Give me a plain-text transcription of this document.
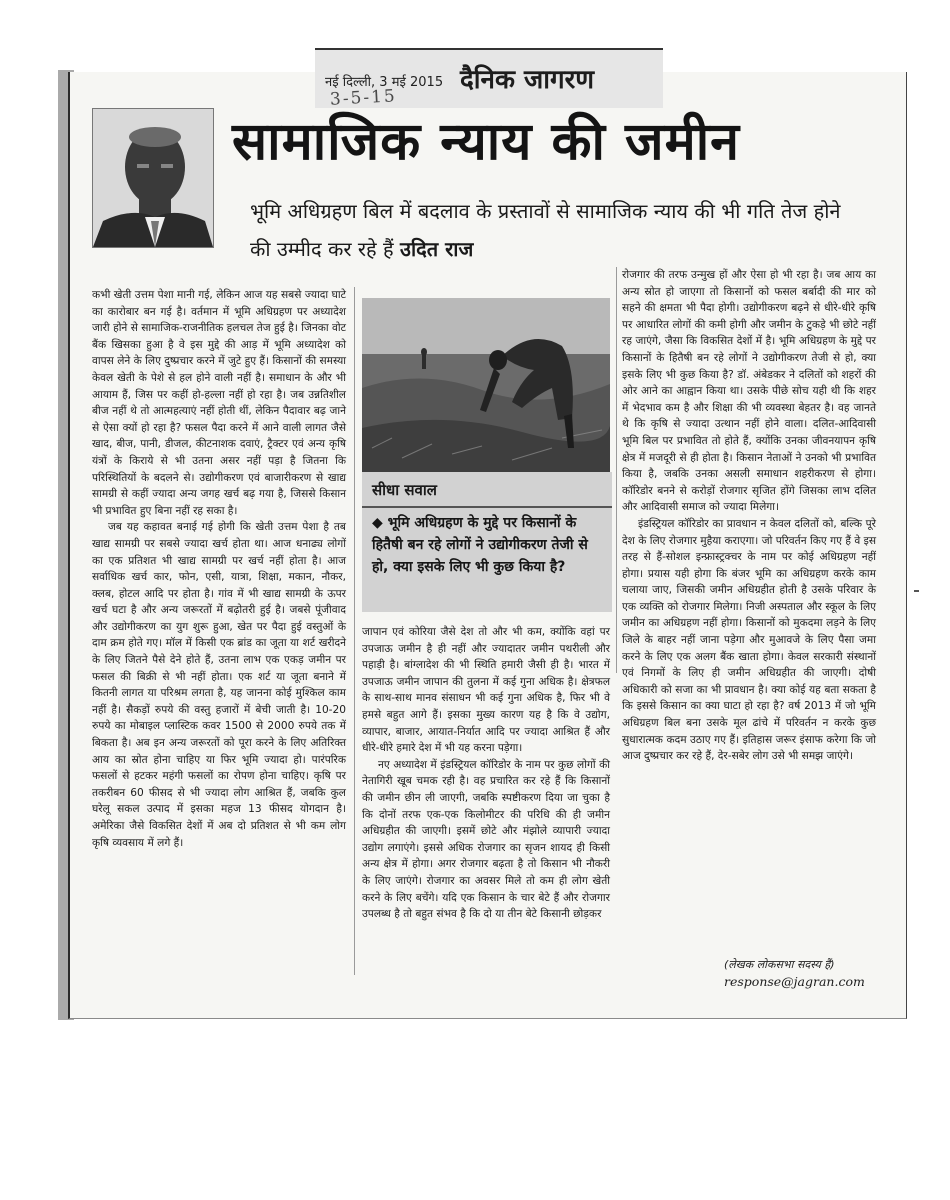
नई दिल्ली, 3 मई 2015 दैनिक जागरण
3-5-15
सामाजिक न्याय की जमीन
भूमि अधिग्रहण बिल में बदलाव के प्रस्तावों से सामाजिक न्याय की भी गति तेज होने की उम्मीद कर रहे हैं उदित राज

कभी खेती उत्तम पेशा मानी गई, लेकिन आज यह सबसे ज्यादा घाटे का कारोबार बन गई है। वर्तमान में भूमि अधिग्रहण पर अध्यादेश जारी होने से सामाजिक-राजनीतिक हलचल तेज हुई है। जिनका वोट बैंक खिसका हुआ है वे इस मुद्दे की आड़ में भूमि अध्यादेश को वापस लेने के लिए दुष्प्रचार करने में जुटे हुए हैं। किसानों की समस्या केवल खेती के पेशे से हल होने वाली नहीं है। समाधान के और भी आयाम हैं, जिस पर कहीं हो-हल्ला नहीं हो रहा है। जब उन्नतिशील बीज नहीं थे तो आत्महत्याएं नहीं होती थीं, लेकिन पैदावार बढ़ जाने से ऐसा क्यों हो रहा है? फसल पैदा करने में आने वाली लागत जैसे खाद, बीज, पानी, डीजल, कीटनाशक दवाएं, ट्रैक्टर एवं अन्य कृषि यंत्रों के किराये से भी उतना असर नहीं पड़ा है जितना कि परिस्थितियों के बदलने से। उद्योगीकरण एवं बाजारीकरण से खाद्य सामग्री से कहीं ज्यादा अन्य जगह खर्च बढ़ गया है, जिससे किसान भी प्रभावित हुए बिना नहीं रह सका है।

जब यह कहावत बनाई गई होगी कि खेती उत्तम पेशा है तब खाद्य सामग्री पर सबसे ज्यादा खर्च होता था। आज धनाढ्य लोगों का एक प्रतिशत भी खाद्य सामग्री पर खर्च नहीं होता है। आज सर्वाधिक खर्च कार, फोन, एसी, यात्रा, शिक्षा, मकान, नौकर, क्लब, होटल आदि पर होता है। गांव में भी खाद्य सामग्री के ऊपर खर्च घटा है और अन्य जरूरतों में बढ़ोतरी हुई है। जबसे पूंजीवाद और उद्योगीकरण का युग शुरू हुआ, खेत पर पैदा हुई वस्तुओं के दाम क्रम होते गए। मॉल में किसी एक ब्रांड का जूता या शर्ट खरीदने के लिए जितने पैसे देने होते हैं, उतना लाभ एक एकड़ जमीन पर फसल की बिक्री से भी नहीं होता। एक शर्ट या जूता बनाने में कितनी लागत या परिश्रम लगता है, यह जानना कोई मुश्किल काम नहीं है। सैकड़ों रुपये की वस्तु हजारों में बेची जाती है। 10-20 रुपये का मोबाइल प्लास्टिक कवर 1500 से 2000 रुपये तक में बिकता है। अब इन अन्य जरूरतों को पूरा करने के लिए अतिरिक्त आय का स्रोत होना चाहिए या फिर भूमि ज्यादा हो। पारंपरिक फसलों से हटकर महंगी फसलों का रोपण होना चाहिए। कृषि पर तकरीबन 60 फीसद से भी ज्यादा लोग आश्रित हैं, जबकि कुल घरेलू सकल उत्पाद में इसका महज 13 फीसद योगदान है। अमेरिका जैसे विकसित देशों में अब दो प्रतिशत से भी कम लोग कृषि व्यवसाय में लगे हैं।

सीधा सवाल
◆ भूमि अधिग्रहण के मुद्दे पर किसानों के हितैषी बन रहे लोगों ने उद्योगीकरण तेजी से हो, क्या इसके लिए भी कुछ किया है?

जापान एवं कोरिया जैसे देश तो और भी कम, क्योंकि वहां पर उपजाऊ जमीन है ही नहीं और ज्यादातर जमीन पथरीली और पहाड़ी है। बांग्लादेश की भी स्थिति हमारी जैसी ही है। भारत में उपजाऊ जमीन जापान की तुलना में कई गुना अधिक है। क्षेत्रफल के साथ-साथ मानव संसाधन भी कई गुना अधिक है, फिर भी वे हमसे बहुत आगे हैं। इसका मुख्य कारण यह है कि वे उद्योग, व्यापार, बाजार, आयात-निर्यात आदि पर ज्यादा आश्रित हैं और धीरे-धीरे हमारे देश में भी यह करना पड़ेगा।

नए अध्यादेश में इंडस्ट्रियल कॉरिडोर के नाम पर कुछ लोगों की नेतागिरी खूब चमक रही है। वह प्रचारित कर रहे हैं कि किसानों की जमीन छीन ली जाएगी, जबकि स्पष्टीकरण दिया जा चुका है कि दोनों तरफ एक-एक किलोमीटर की परिधि की ही जमीन अधिग्रहीत की जाएगी। इसमें छोटे और मंझोले व्यापारी ज्यादा उद्योग लगाएंगे। इससे अधिक रोजगार का सृजन शायद ही किसी अन्य क्षेत्र में होगा। अगर रोजगार बढ़ता है तो किसान भी नौकरी के लिए जाएंगे। रोजगार का अवसर मिले तो कम ही लोग खेती करने के लिए बचेंगे। यदि एक किसान के चार बेटे हैं और रोजगार उपलब्ध है तो बहुत संभव है कि दो या तीन बेटे किसानी छोड़कर

रोजगार की तरफ उन्मुख हों और ऐसा हो भी रहा है। जब आय का अन्य स्रोत हो जाएगा तो किसानों को फसल बर्बादी की मार को सहने की क्षमता भी पैदा होगी। उद्योगीकरण बढ़ने से धीरे-धीरे कृषि पर आधारित लोगों की कमी होगी और जमीन के टुकड़े भी छोटे नहीं रह जाएंगे, जैसा कि विकसित देशों में है। भूमि अधिग्रहण के मुद्दे पर किसानों के हितैषी बन रहे लोगों ने उद्योगीकरण तेजी से हो, क्या इसके लिए भी कुछ किया है? डॉ. अंबेडकर ने दलितों को शहरों की ओर आने का आह्वान किया था। उसके पीछे सोच यही थी कि शहर में भेदभाव कम है और शिक्षा की भी व्यवस्था बेहतर है। वह जानते थे कि कृषि से ज्यादा उत्थान नहीं होने वाला। दलित-आदिवासी भूमि बिल पर प्रभावित तो होते हैं, क्योंकि उनका जीवनयापन कृषि क्षेत्र में मजदूरी से ही होता है। किसान नेताओं ने उनको भी प्रभावित किया है, जबकि उनका असली समाधान शहरीकरण से होगा। कॉरिडोर बनने से करोड़ों रोजगार सृजित होंगे जिसका लाभ दलित और आदिवासी समाज को ज्यादा मिलेगा।

इंडस्ट्रियल कॉरिडोर का प्रावधान न केवल दलितों को, बल्कि पूरे देश के लिए रोजगार मुहैया कराएगा। जो परिवर्तन किए गए हैं वे इस तरह से हैं-सोशल इन्फ्रास्ट्रक्चर के नाम पर कोई अधिग्रहण नहीं होगा। प्रयास यही होगा कि बंजर भूमि का अधिग्रहण करके काम चलाया जाए, जिसकी जमीन अधिग्रहीत होती है उसके परिवार के एक व्यक्ति को रोजगार मिलेगा। निजी अस्पताल और स्कूल के लिए जमीन का अधिग्रहण नहीं होगा। किसानों को मुकदमा लड़ने के लिए जिले के बाहर नहीं जाना पड़ेगा और मुआवजे के लिए पैसा जमा करने के लिए एक अलग बैंक खाता होगा। केवल सरकारी संस्थानों एवं निगमों के लिए ही जमीन अधिग्रहीत की जाएगी। दोषी अधिकारी को सजा का भी प्रावधान है। क्या कोई यह बता सकता है कि इससे किसान का क्या घाटा हो रहा है? वर्ष 2013 में जो भूमि अधिग्रहण बिल बना उसके मूल ढांचे में परिवर्तन न करके कुछ सुधारात्मक कदम उठाए गए हैं। इतिहास जरूर इंसाफ करेगा कि जो आज दुष्प्रचार कर रहे हैं, देर-सबेर लोग उसे भी समझ जाएंगे।

(लेखक लोकसभा सदस्य हैं)
response@jagran.com
